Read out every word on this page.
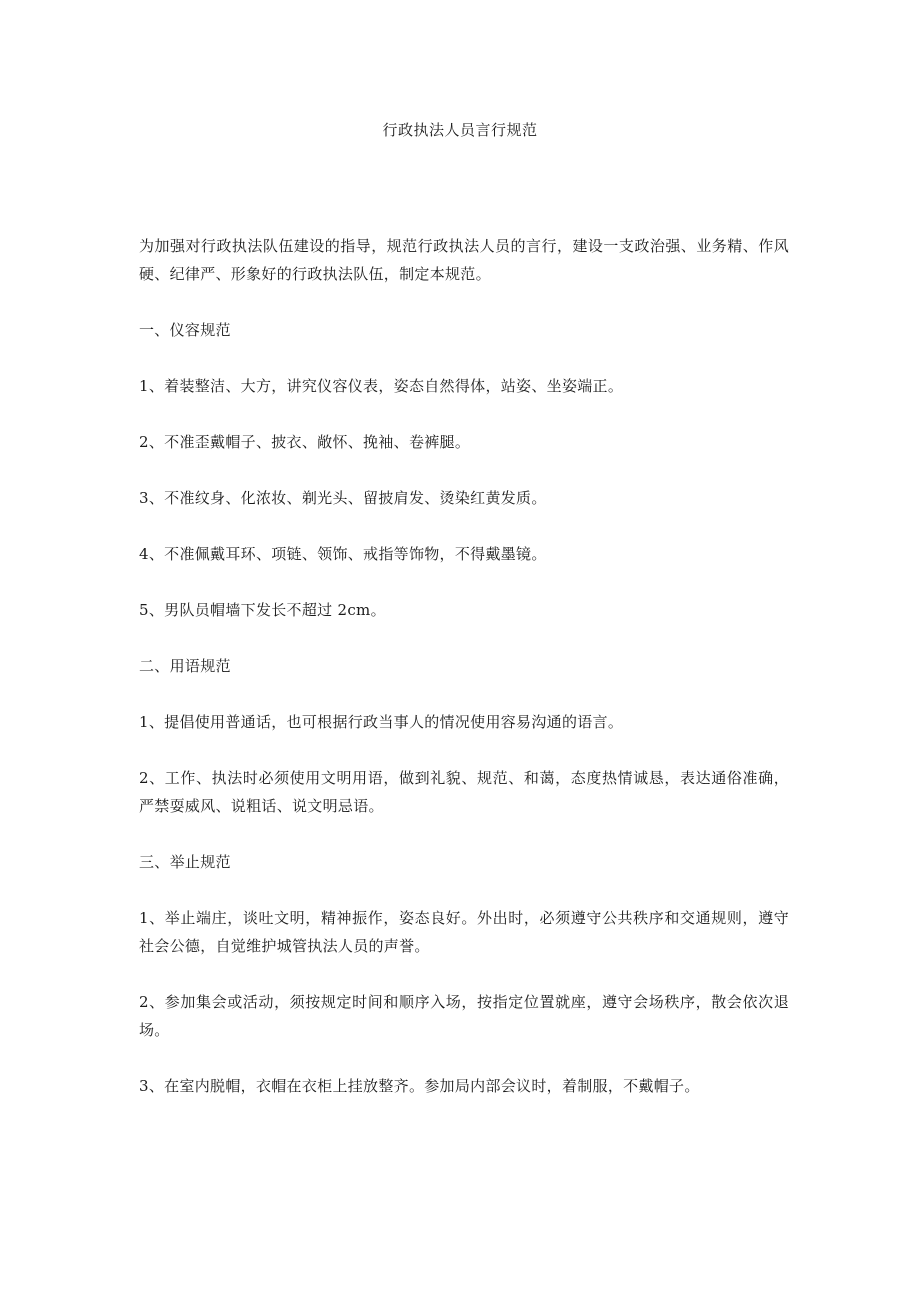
行政执法人员言行规范

为加强对行政执法队伍建设的指导，规范行政执法人员的言行，建设一支政治强、业务精、作风硬、纪律严、形象好的行政执法队伍，制定本规范。

一、仪容规范

1、着装整洁、大方，讲究仪容仪表，姿态自然得体，站姿、坐姿端正。

2、不准歪戴帽子、披衣、敞怀、挽袖、卷裤腿。

3、不准纹身、化浓妆、剃光头、留披肩发、烫染红黄发质。

4、不准佩戴耳环、项链、领饰、戒指等饰物，不得戴墨镜。

5、男队员帽墙下发长不超过 2cm。

二、用语规范

1、提倡使用普通话，也可根据行政当事人的情况使用容易沟通的语言。

2、工作、执法时必须使用文明用语，做到礼貌、规范、和蔼，态度热情诚恳，表达通俗准确，严禁耍威风、说粗话、说文明忌语。

三、举止规范

1、举止端庄，谈吐文明，精神振作，姿态良好。外出时，必须遵守公共秩序和交通规则，遵守社会公德，自觉维护城管执法人员的声誉。

2、参加集会或活动，须按规定时间和顺序入场，按指定位置就座，遵守会场秩序，散会依次退场。

3、在室内脱帽，衣帽在衣柜上挂放整齐。参加局内部会议时，着制服，不戴帽子。
